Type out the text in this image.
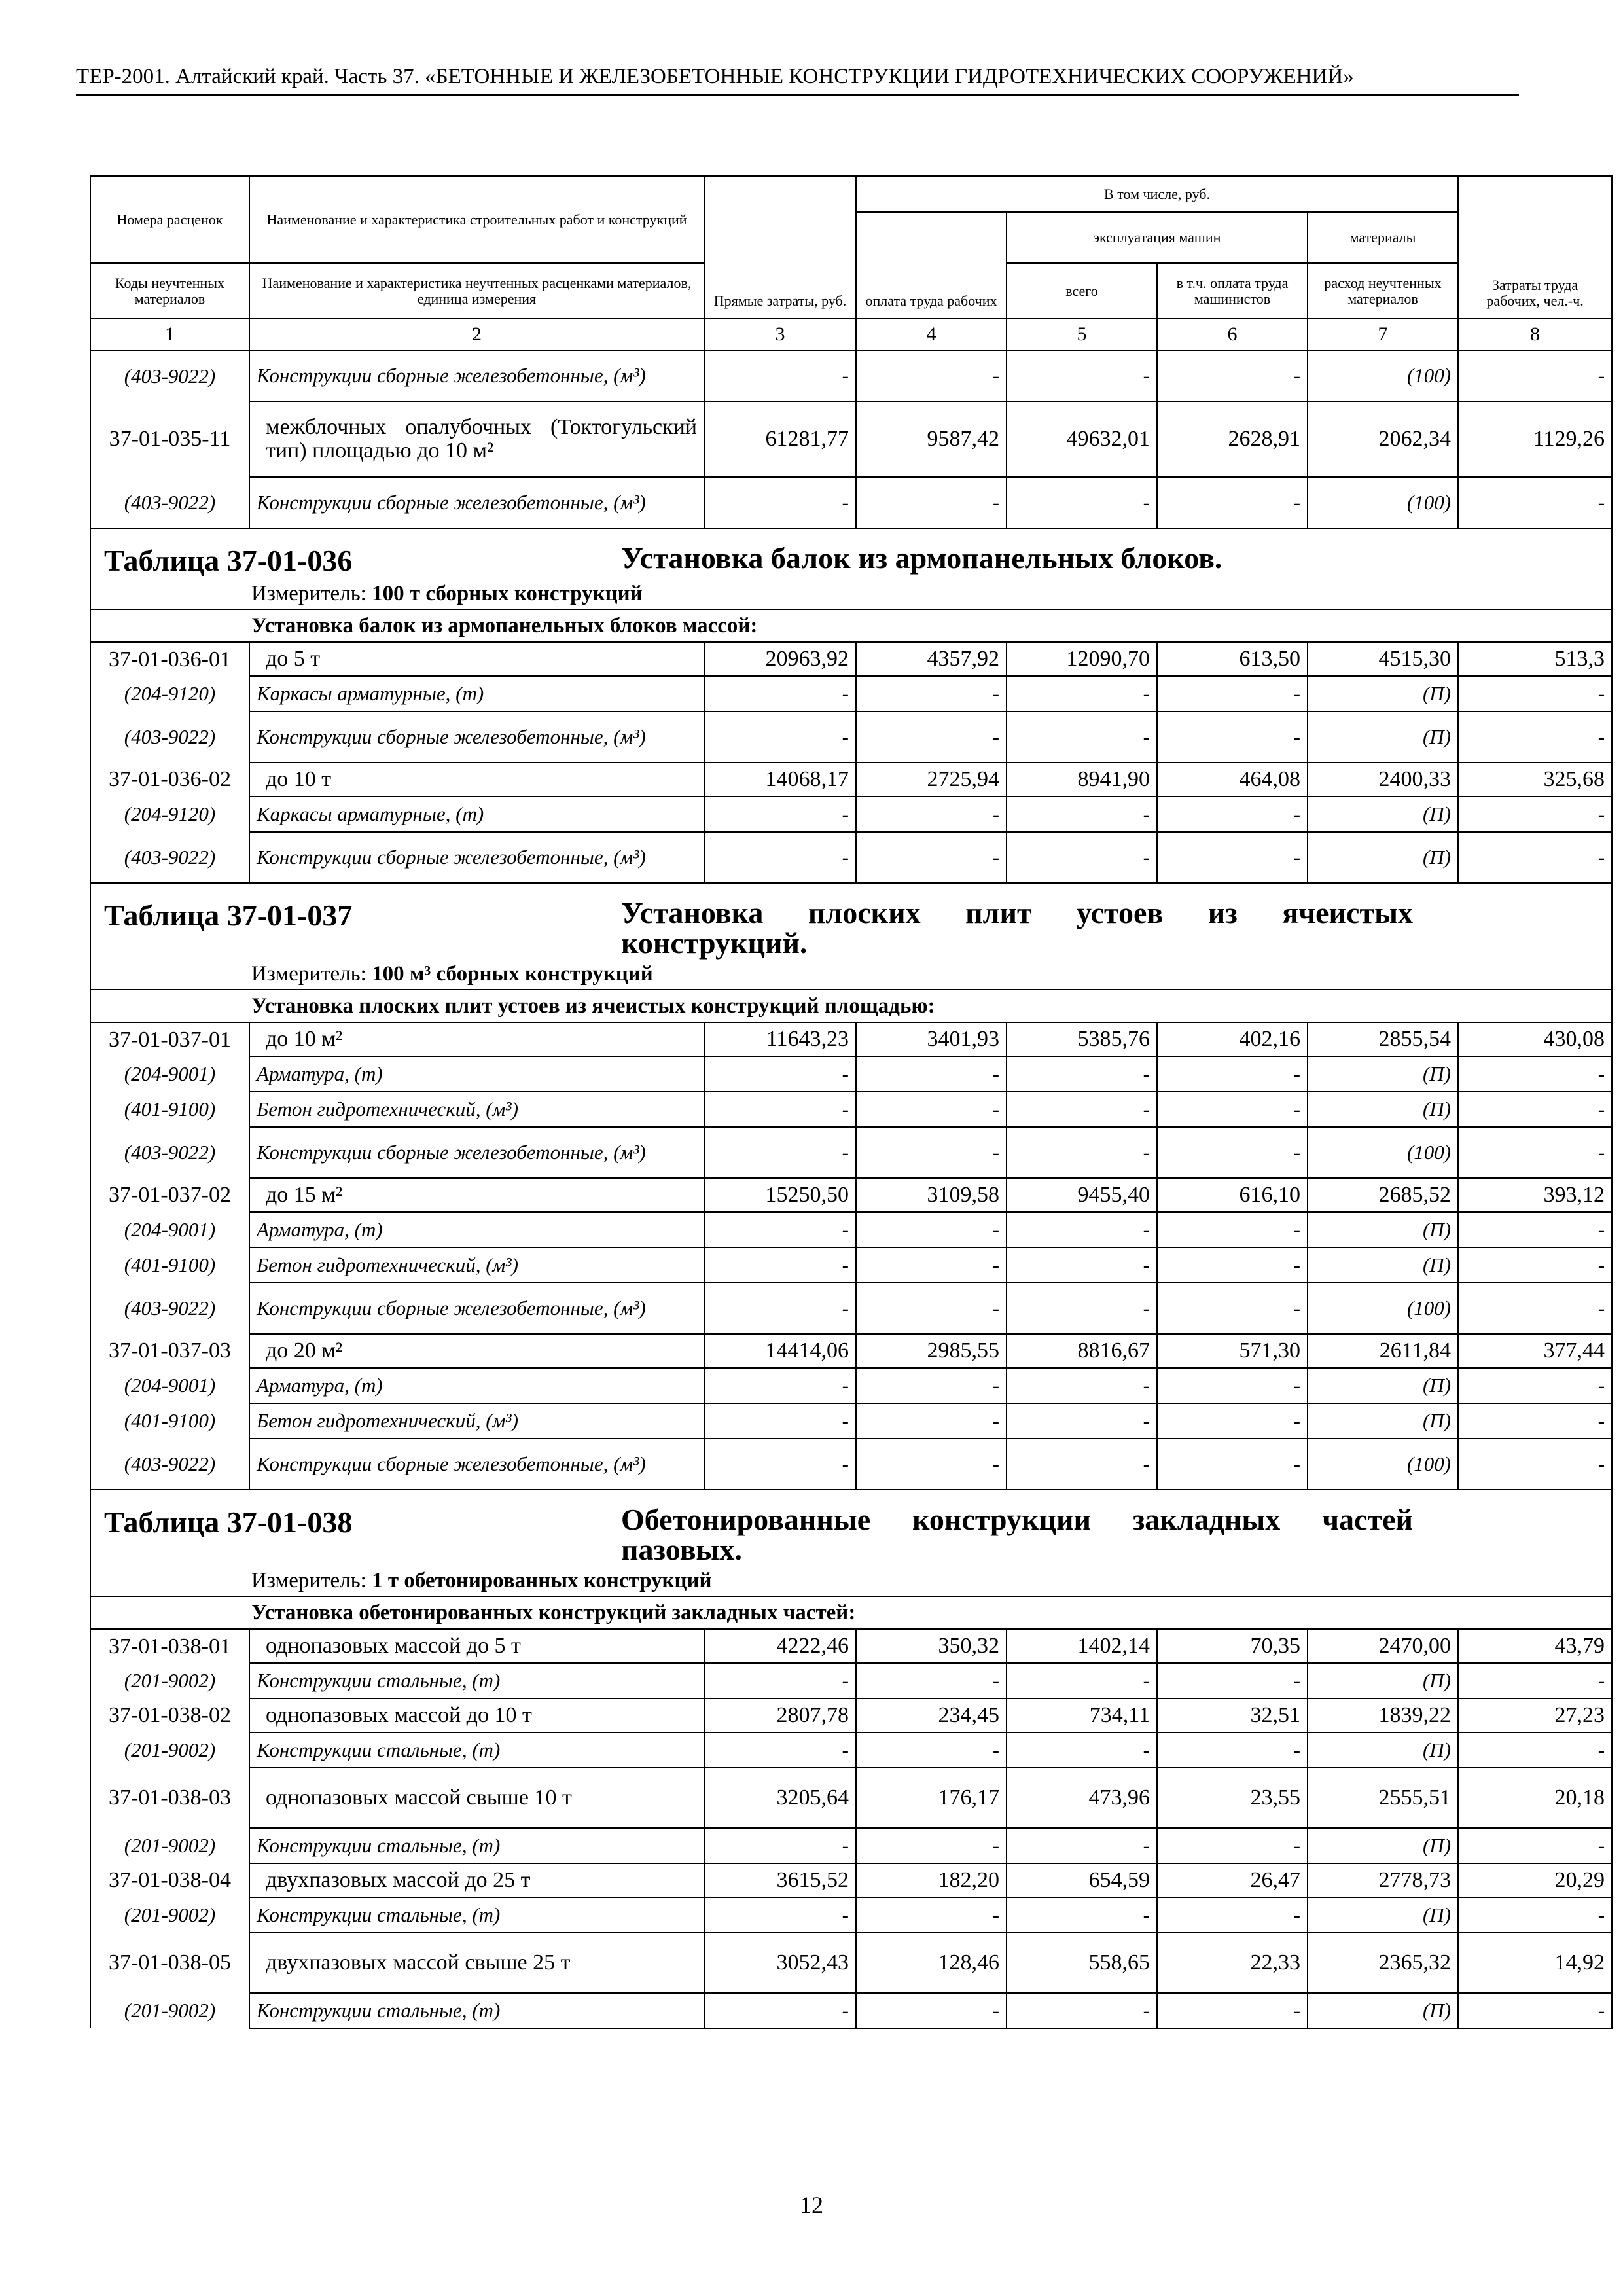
ТЕР-2001. Алтайский край. Часть 37. «БЕТОННЫЕ И ЖЕЛЕЗОБЕТОННЫЕ КОНСТРУКЦИИ ГИДРОТЕХНИЧЕСКИХ СООРУЖЕНИЙ»
Номера расценок	Наименование и характеристика строительных работ и конструкций	Прямые затраты, руб.	В том числе, руб.				Затраты труда рабочих, чел.-ч.
			оплата труда рабочих	эксплуатация машин		материалы	
Коды неучтенных материалов	Наименование и характеристика неучтенных расценками материалов, единица измерения			всего	в т.ч. оплата труда машинистов	расход неучтенных материалов	
1	2	3	4	5	6	7	8
(403-9022)	Конструкции сборные железобетонные, (м³)	-	-	-	-	(100)	-
37-01-035-11	межблочных опалубочных (Токтогульский тип) площадью до 10 м²	61281,77	9587,42	49632,01	2628,91	2062,34	1129,26
(403-9022)	Конструкции сборные железобетонные, (м³)	-	-	-	-	(100)	-
Таблица 37-01-036 Установка балок из армопанельных блоков.							
Измеритель: 100 т сборных конструкций							
Установка балок из армопанельных блоков массой:							
37-01-036-01	до 5 т	20963,92	4357,92	12090,70	613,50	4515,30	513,3
(204-9120)	Каркасы арматурные, (т)	-	-	-	-	(П)	-
(403-9022)	Конструкции сборные железобетонные, (м³)	-	-	-	-	(П)	-
37-01-036-02	до 10 т	14068,17	2725,94	8941,90	464,08	2400,33	325,68
(204-9120)	Каркасы арматурные, (т)	-	-	-	-	(П)	-
(403-9022)	Конструкции сборные железобетонные, (м³)	-	-	-	-	(П)	-
Таблица 37-01-037 Установка плоских плит устоев из ячеистых конструкций.							
Измеритель: 100 м³ сборных конструкций							
Установка плоских плит устоев из ячеистых конструкций площадью:							
37-01-037-01	до 10 м²	11643,23	3401,93	5385,76	402,16	2855,54	430,08
(204-9001)	Арматура, (т)	-	-	-	-	(П)	-
(401-9100)	Бетон гидротехнический, (м³)	-	-	-	-	(П)	-
(403-9022)	Конструкции сборные железобетонные, (м³)	-	-	-	-	(100)	-
37-01-037-02	до 15 м²	15250,50	3109,58	9455,40	616,10	2685,52	393,12
(204-9001)	Арматура, (т)	-	-	-	-	(П)	-
(401-9100)	Бетон гидротехнический, (м³)	-	-	-	-	(П)	-
(403-9022)	Конструкции сборные железобетонные, (м³)	-	-	-	-	(100)	-
37-01-037-03	до 20 м²	14414,06	2985,55	8816,67	571,30	2611,84	377,44
(204-9001)	Арматура, (т)	-	-	-	-	(П)	-
(401-9100)	Бетон гидротехнический, (м³)	-	-	-	-	(П)	-
(403-9022)	Конструкции сборные железобетонные, (м³)	-	-	-	-	(100)	-
Таблица 37-01-038 Обетонированные конструкции закладных частей пазовых.							
Измеритель: 1 т обетонированных конструкций							
Установка обетонированных конструкций закладных частей:							
37-01-038-01	однопазовых массой до 5 т	4222,46	350,32	1402,14	70,35	2470,00	43,79
(201-9002)	Конструкции стальные, (т)	-	-	-	-	(П)	-
37-01-038-02	однопазовых массой до 10 т	2807,78	234,45	734,11	32,51	1839,22	27,23
(201-9002)	Конструкции стальные, (т)	-	-	-	-	(П)	-
37-01-038-03	однопазовых массой свыше 10 т	3205,64	176,17	473,96	23,55	2555,51	20,18
(201-9002)	Конструкции стальные, (т)	-	-	-	-	(П)	-
37-01-038-04	двухпазовых массой до 25 т	3615,52	182,20	654,59	26,47	2778,73	20,29
(201-9002)	Конструкции стальные, (т)	-	-	-	-	(П)	-
37-01-038-05	двухпазовых массой свыше 25 т	3052,43	128,46	558,65	22,33	2365,32	14,92
(201-9002)	Конструкции стальные, (т)	-	-	-	-	(П)	-
12
